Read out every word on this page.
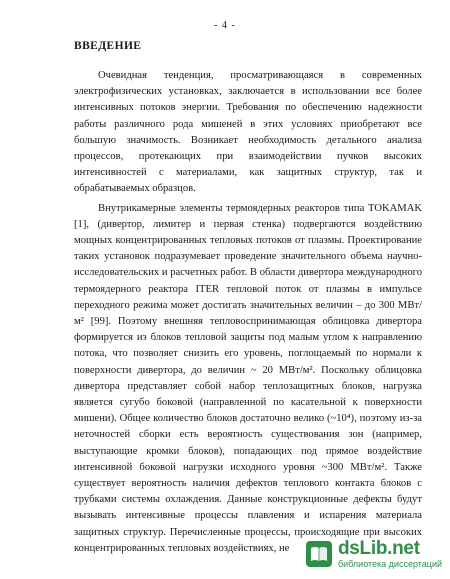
- 4 -
ВВЕДЕНИЕ

Очевидная тенденция, просматривающаяся в современных электрофизических установках, заключается в использовании все более интенсивных потоков энергии. Требования по обеспечению надежности работы различного рода мишеней в этих условиях приобретают все большую значимость. Возникает необходимость детального анализа процессов, протекающих при взаимодействии пучков высоких интенсивностей с материалами, как защитных структур, так и обрабатываемых образцов.

Внутрикамерные элементы термоядерных реакторов типа TOKAMAK [1], (дивертор, лимитер и первая стенка) подвергаются воздействию мощных концентрированных тепловых потоков от плазмы. Проектирование таких установок подразумевает проведение значительного объема научно-исследовательских и расчетных работ. В области дивертора международного термоядерного реактора ITER тепловой поток от плазмы в импульсе переходного режима может достигать значительных величин – до 300 МВт/м² [99]. Поэтому внешняя тепловоспринимающая облицовка дивертора формируется из блоков тепловой защиты под малым углом к направлению потока, что позволяет снизить его уровень, поглощаемый по нормали к поверхности дивертора, до величин ~ 20 МВт/м². Поскольку облицовка дивертора представляет собой набор теплозащитных блоков, нагрузка является сугубо боковой (направленной по касательной к поверхности мишени). Общее количество блоков достаточно велико (~10⁴), поэтому из-за неточностей сборки есть вероятность существования зон (например, выступающие кромки блоков), попадающих под прямое воздействие интенсивной боковой нагрузки исходного уровня ~300 МВт/м². Также существует вероятность наличия дефектов теплового контакта блоков с трубками системы охлаждения. Данные конструкционные дефекты будут вызывать интенсивные процессы плавления и испарения материала защитных структур. Перечисленные процессы, происходящие при высоких концентрированных тепловых воздействиях, не	dsLib.net
библиотека диссертаций
